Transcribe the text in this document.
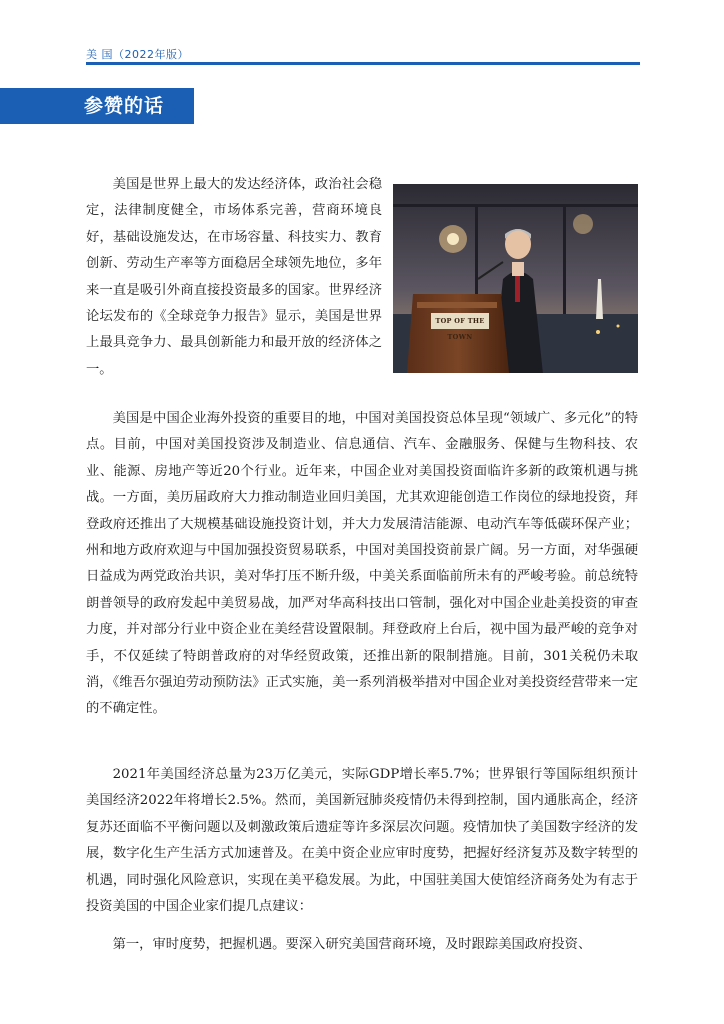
美 国（2022年版）
参赞的话

美国是世界上最大的发达经济体，政治社会稳定，法律制度健全，市场体系完善，营商环境良好，基础设施发达，在市场容量、科技实力、教育创新、劳动生产率等方面稳居全球领先地位，多年来一直是吸引外商直接投资最多的国家。世界经济论坛发布的《全球竞争力报告》显示，美国是世界上最具竞争力、最具创新能力和最开放的经济体之一。

TOP OF THE TOWN

美国是中国企业海外投资的重要目的地，中国对美国投资总体呈现“领域广、多元化”的特点。目前，中国对美国投资涉及制造业、信息通信、汽车、金融服务、保健与生物科技、农业、能源、房地产等近20个行业。近年来，中国企业对美国投资面临许多新的政策机遇与挑战。一方面，美历届政府大力推动制造业回归美国，尤其欢迎能创造工作岗位的绿地投资，拜登政府还推出了大规模基础设施投资计划，并大力发展清洁能源、电动汽车等低碳环保产业；州和地方政府欢迎与中国加强投资贸易联系，中国对美国投资前景广阔。另一方面，对华强硬日益成为两党政治共识，美对华打压不断升级，中美关系面临前所未有的严峻考验。前总统特朗普领导的政府发起中美贸易战，加严对华高科技出口管制，强化对中国企业赴美投资的审查力度，并对部分行业中资企业在美经营设置限制。拜登政府上台后，视中国为最严峻的竞争对手，不仅延续了特朗普政府的对华经贸政策，还推出新的限制措施。目前，301关税仍未取消，《维吾尔强迫劳动预防法》正式实施，美一系列消极举措对中国企业对美投资经营带来一定的不确定性。

2021年美国经济总量为23万亿美元，实际GDP增长率5.7%；世界银行等国际组织预计美国经济2022年将增长2.5%。然而，美国新冠肺炎疫情仍未得到控制，国内通胀高企，经济复苏还面临不平衡问题以及刺激政策后遗症等许多深层次问题。疫情加快了美国数字经济的发展，数字化生产生活方式加速普及。在美中资企业应审时度势，把握好经济复苏及数字转型的机遇，同时强化风险意识，实现在美平稳发展。为此，中国驻美国大使馆经济商务处为有志于投资美国的中国企业家们提几点建议：

第一，审时度势，把握机遇。要深入研究美国营商环境，及时跟踪美国政府投资、
